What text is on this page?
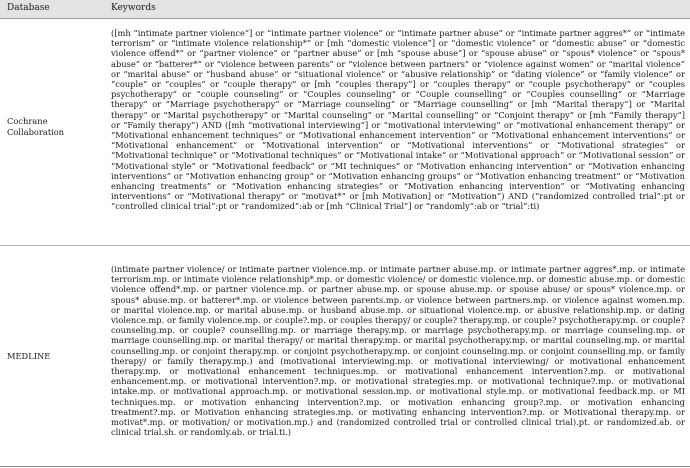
Database	Keywords
Cochrane Collaboration
([mh “intimate partner violence”] or “intimate partner violence” or “intimate partner abuse” or “intimate partner aggres*” or “intimate terrorism” or “intimate violence relationship*” or [mh “domestic violence”] or “domestic violence” or “domestic abuse” or “domestic violence offend*” or “partner violence” or “partner abuse” or [mh “spouse abuse”] or “spouse abuse” or “spous* violence” or “spous* abuse” or “batterer*” or “violence between parents” or “violence between partners” or “violence against women” or “marital violence” or “marital abuse” or “husband abuse” or “situational violence” or “abusive relationship” or “dating violence” or “family violence” or “couple” or “couples” or “couple therapy” or [mh “couples therapy”] or “couples therapy” or “couple psychotherapy” or “couples psychotherapy” or “couple counseling” or “Couples counseling” or “Couple counselling” or “Couples counselling” or “Marriage therapy” or “Marriage psychotherapy” or “Marriage counseling” or “Marriage counselling” or [mh “Marital therapy”] or “Marital therapy” or “Marital psychotherapy” or “Marital counseling” or “Marital counselling” or “Conjoint therapy” or [mh “Family therapy”] or “Family therapy”) AND ([mh “motivational interviewing”] or “motivational interviewing” or “motivational enhancement therapy” or “Motivational enhancement techniques” or “Motivational enhancement intervention” or “Motivational enhancement interventions” or “Motivational enhancement” or “Motivational intervention” or “Motivational interventions” or “Motivational strategies” or “Motivational technique” or “Motivational techniques” or “Motivational intake” or “Motivational approach” or “Motivational session” or “Motivational style” or “Motivational feedback” or “MI techniques” or “Motivation enhancing intervention” or “Motivation enhancing interventions” or “Motivation enhancing group” or “Motivation enhancing groups” or “Motivation enhancing treatment” or “Motivation enhancing treatments” or “Motivation enhancing strategies” or “Motivation enhancing intervention” or “Motivating enhancing interventions” or “Motivational therapy” or “motivat*” or [mh Motivation] or “Motivation”) AND (“randomized controlled trial”:pt or “controlled clinical trial”:pt or “randomized”:ab or [mh “Clinical Trial”] or “randomly”:ab or “trial”:ti)
MEDLINE
(intimate partner violence/ or intimate partner violence.mp. or intimate partner abuse.mp. or intimate partner aggres*.mp. or intimate terrorism.mp. or intimate violence relationship*.mp. or domestic violence/ or domestic violence.mp. or domestic abuse.mp. or domestic violence offend*.mp. or partner violence.mp. or partner abuse.mp. or spouse abuse.mp. or spouse abuse/ or spous* violence.mp. or spous* abuse.mp. or batterer*.mp. or violence between parents.mp. or violence between partners.mp. or violence against women.mp. or marital violence.mp. or marital abuse.mp. or husband abuse.mp. or situational violence.mp. or abusive relationship.mp. or dating violence.mp. or family violence.mp. or couple?.mp. or couples therapy/ or couple? therapy.mp. or couple? psychotherapy.mp. or couple? counseling.mp. or couple? counselling.mp. or marriage therapy.mp. or marriage psychotherapy.mp. or marriage counseling.mp. or marriage counselling.mp. or marital therapy/ or marital therapy.mp. or marital psychotherapy.mp. or marital counseling.mp. or marital counselling.mp. or conjoint therapy.mp. or conjoint psychotherapy.mp. or conjoint counseling.mp. or conjoint counselling.mp. or family therapy/ or family therapy.mp.) and (motivational interviewing.mp. or motivational interviewing/ or motivational enhancement therapy.mp. or motivational enhancement techniques.mp. or motivational enhancement intervention?.mp. or motivational enhancement.mp. or motivational intervention?.mp. or motivational strategies.mp. or motivational technique?.mp. or motivational intake.mp. or motivational approach.mp. or motivational session.mp. or motivational style.mp. or motivational feedback.mp. or MI techniques.mp. or motivation enhancing intervention?.mp. or motivation enhancing group?.mp. or motivation enhancing treatment?.mp. or Motivation enhancing strategies.mp. or motivating enhancing intervention?.mp. or Motivational therapy.mp. or motivat*.mp. or motivation/ or motivation.mp.) and (randomized controlled trial or controlled clinical trial).pt. or randomized.ab. or clinical trial.sh. or randomly.ab. or trial.ti.)
